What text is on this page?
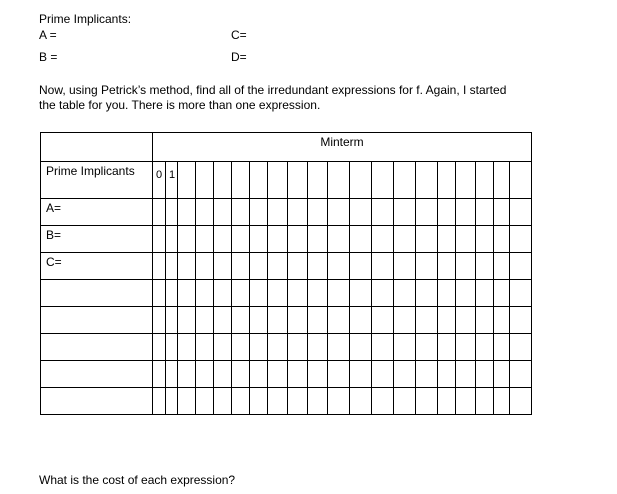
Prime Implicants:
A =
B =
C=
D=
Now, using Petrick’s method, find all of the irredundant expressions for f. Again, I started the table for you. There is more than one expression.
	Minterm																			
Prime Implicants	0	1																		

A=																				
B=																				
C=																				

What is the cost of each expression?
